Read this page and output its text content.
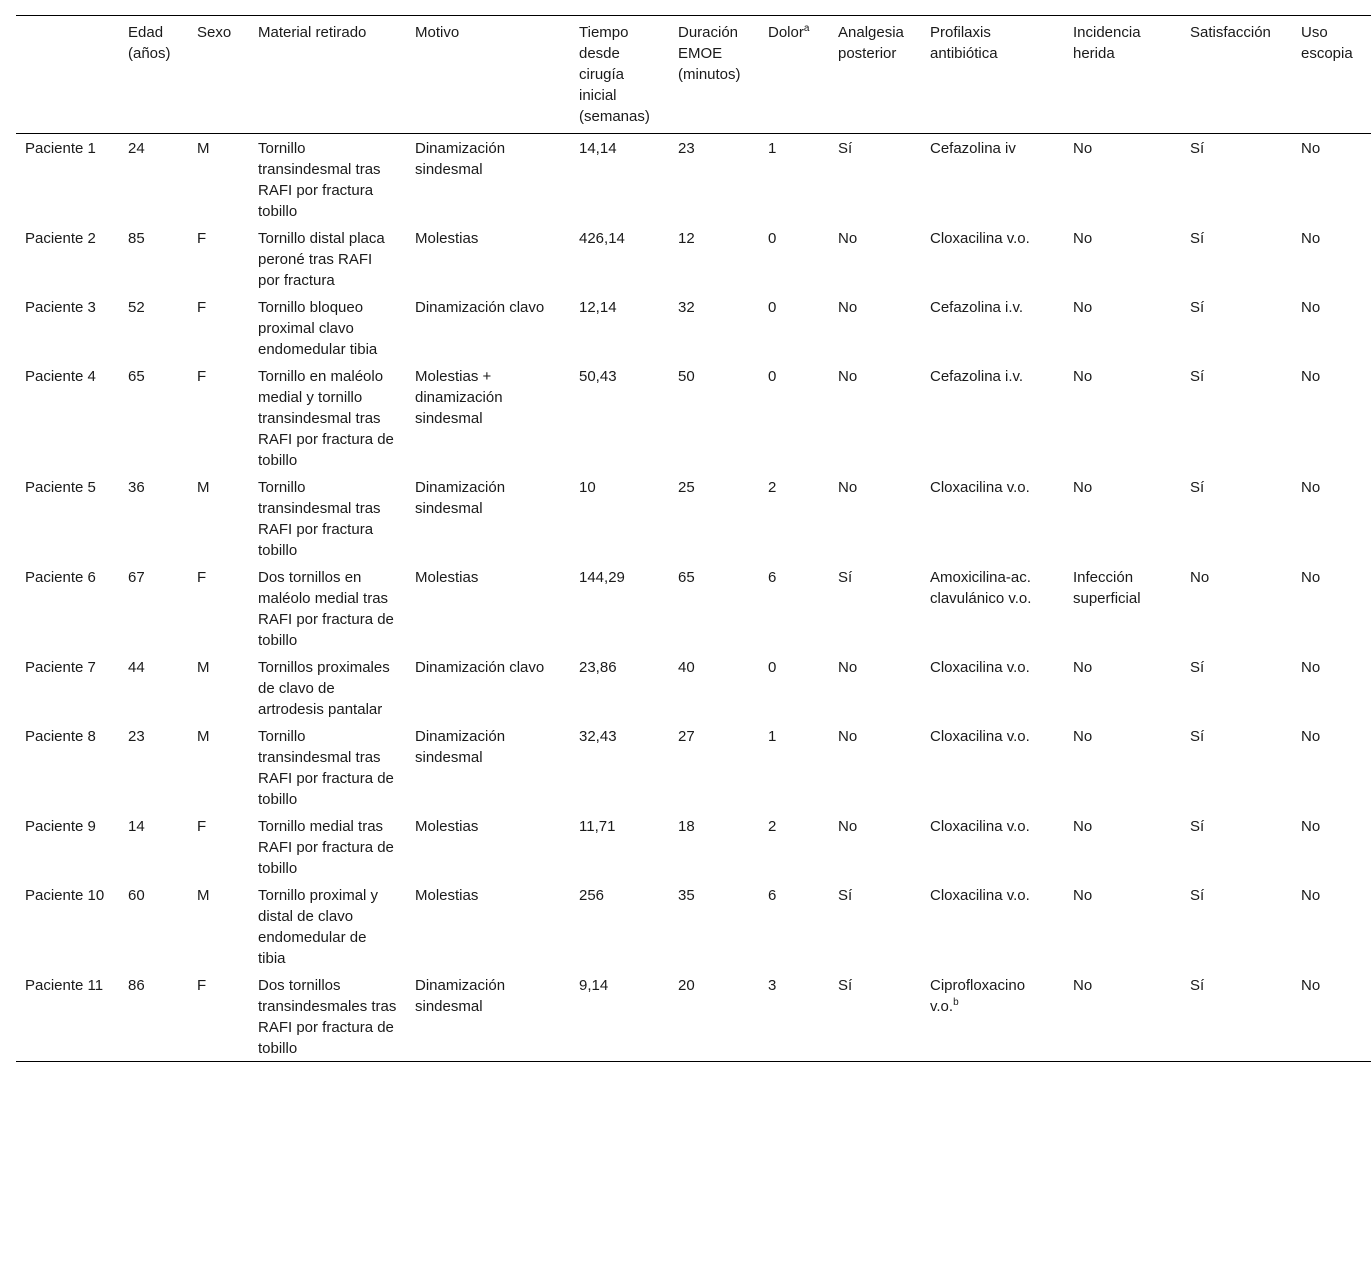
	Edad (años)	Sexo	Material retirado	Motivo	Tiempo desde cirugía inicial (semanas)	Duración EMOE (minutos)	Dolor$^a$	Analgesia posterior	Profilaxis antibiótica	Incidencia herida	Satisfacción	Uso escopia
Paciente 1	24	M	Tornillo transindesmal tras RAFI por fractura tobillo	Dinamización sindesmal	14,14	23	1	Sí	Cefazolina iv	No	Sí	No
Paciente 2	85	F	Tornillo distal placa peroné tras RAFI por fractura	Molestias	426,14	12	0	No	Cloxacilina v.o.	No	Sí	No
Paciente 3	52	F	Tornillo bloqueo proximal clavo endomedular tibia	Dinamización clavo	12,14	32	0	No	Cefazolina i.v.	No	Sí	No
Paciente 4	65	F	Tornillo en maléolo medial y tornillo transindesmal tras RAFI por fractura de tobillo	Molestias + dinamización sindesmal	50,43	50	0	No	Cefazolina i.v.	No	Sí	No
Paciente 5	36	M	Tornillo transindesmal tras RAFI por fractura tobillo	Dinamización sindesmal	10	25	2	No	Cloxacilina v.o.	No	Sí	No
Paciente 6	67	F	Dos tornillos en maléolo medial tras RAFI por fractura de tobillo	Molestias	144,29	65	6	Sí	Amoxicilina-ac. clavulánico v.o.	Infección superficial	No	No
Paciente 7	44	M	Tornillos proximales de clavo de artrodesis pantalar	Dinamización clavo	23,86	40	0	No	Cloxacilina v.o.	No	Sí	No
Paciente 8	23	M	Tornillo transindesmal tras RAFI por fractura de tobillo	Dinamización sindesmal	32,43	27	1	No	Cloxacilina v.o.	No	Sí	No
Paciente 9	14	F	Tornillo medial tras RAFI por fractura de tobillo	Molestias	11,71	18	2	No	Cloxacilina v.o.	No	Sí	No
Paciente 10	60	M	Tornillo proximal y distal de clavo endomedular de tibia	Molestias	256	35	6	Sí	Cloxacilina v.o.	No	Sí	No
Paciente 11	86	F	Dos tornillos transindesmales tras RAFI por fractura de tobillo	Dinamización sindesmal	9,14	20	3	Sí	Ciprofloxacino v.o.$^b$	No	Sí	No
